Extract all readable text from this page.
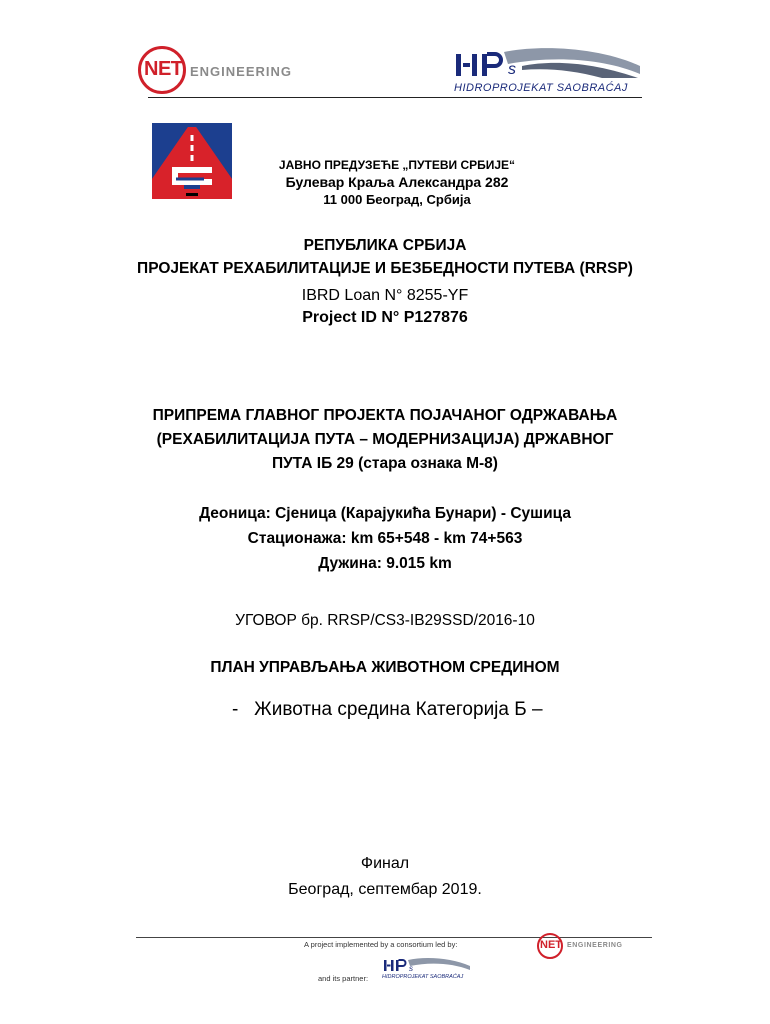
NET ENGINEERING	s
HIDROPROJEKAT SAOBRAĆAJ
ЈАВНО ПРЕДУЗЕЋЕ „ПУТЕВИ СРБИЈЕ“
Булевар Краља Александра 282
11 000 Београд, Србија
РЕПУБЛИКА СРБИЈА
ПРОЈЕКАТ РЕХАБИЛИТАЦИЈЕ И БЕЗБЕДНОСТИ ПУТЕВА (RRSP)
IBRD Loan N° 8255-YF
Project ID N° P127876
ПРИПРЕМА ГЛАВНОГ ПРОЈЕКТА ПОЈАЧАНОГ ОДРЖАВАЊА
(РЕХАБИЛИТАЦИЈА ПУТА – МОДЕРНИЗАЦИЈА) ДРЖАВНОГ
ПУТА ІБ 29 (стара ознака М-8)
Деоница: Сјеница (Карајукића Бунари) - Сушица
Стационажа: km 65+548 - km 74+563
Дужина: 9.015 km
УГОВОР бр. RRSP/CS3-IB29SSD/2016-10
ПЛАН УПРАВЉАЊА ЖИВОТНОМ СРЕДИНОМ
-   Животна средина Категорија Б –
Финал
Београд, септембар 2019.
A project implemented by a consortium led by:
and its partner:
NET ENGINEERING
s
HIDROPROJEKAT SAOBRAĆAJ
